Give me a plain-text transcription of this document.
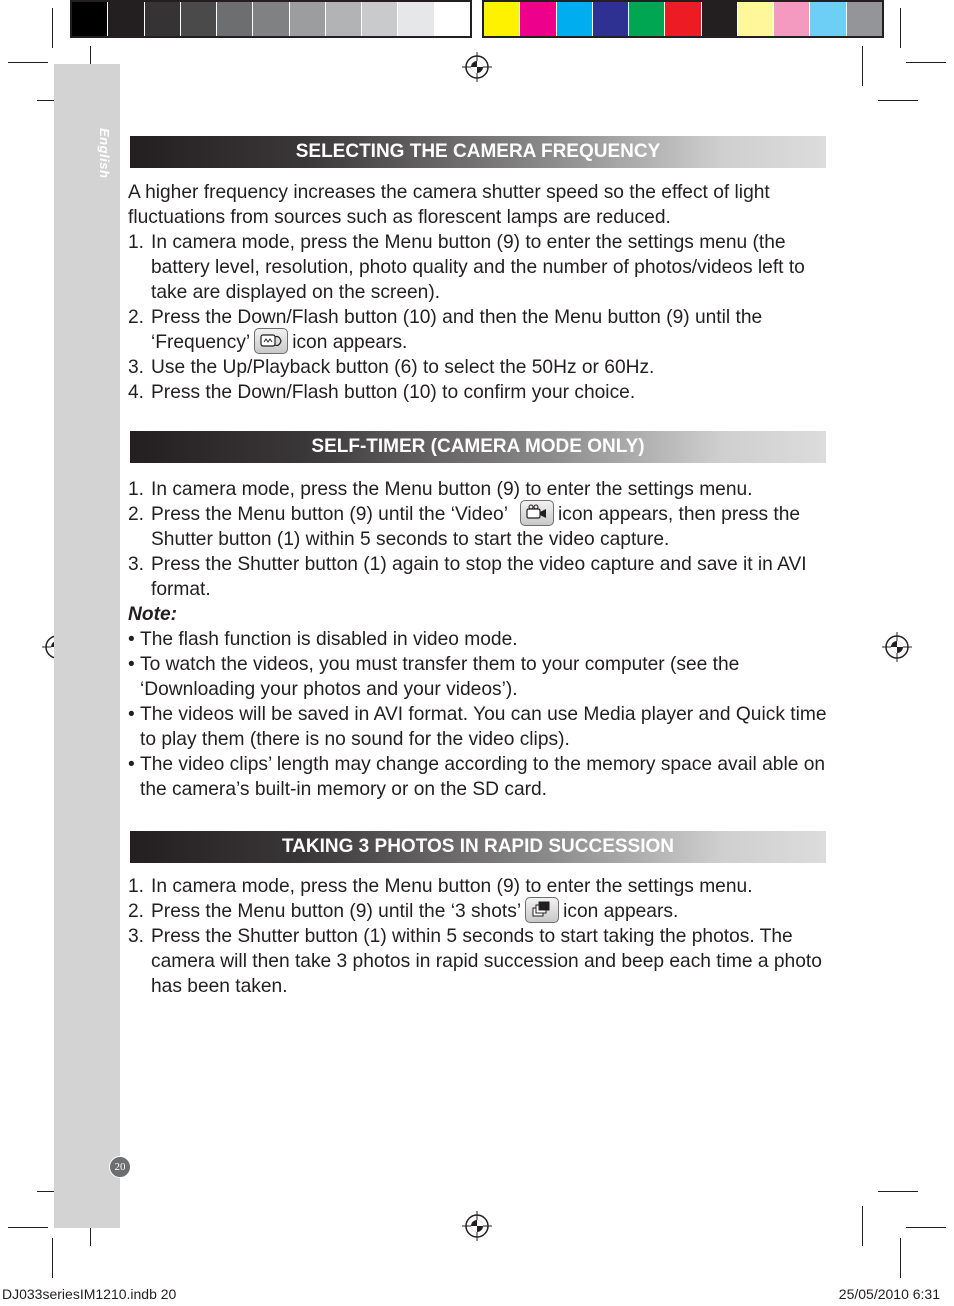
English
20
SELECTING THE CAMERA FREQUENCY

A higher frequency increases the camera shutter speed so the effect of light fluctuations from sources such as florescent lamps are reduced.

1. In camera mode, press the Menu button (9) to enter the settings menu (the battery level, resolution, photo quality and the number of photos/videos left to take are displayed on the screen).

2. Press the Down/Flash button (10) and then the Menu button (9) until the ‘Frequency’ icon appears.

3. Use the Up/Playback button (6) to select the 50Hz or 60Hz.

4. Press the Down/Flash button (10) to confirm your choice.

SELF-TIMER (CAMERA MODE ONLY)

1. In camera mode, press the Menu button (9) to enter the settings menu.

2. Press the Menu button (9) until the ‘Video’	icon appears, then press the Shutter button (1) within 5 seconds to start the video capture.

3. Press the Shutter button (1) again to stop the video capture and save it in AVI format.

Note:

• The flash function is disabled in video mode.

• To watch the videos, you must transfer them to your computer (see the ‘Downloading your photos and your videos’).

• The videos will be saved in AVI format. You can use Media player and Quick time to play them (there is no sound for the video clips).

• The video clips’ length may change according to the memory space avail able on the camera’s built-in memory or on the SD card.

TAKING 3 PHOTOS IN RAPID SUCCESSION

1. In camera mode, press the Menu button (9) to enter the settings menu.

2. Press the Menu button (9) until the ‘3 shots’ icon appears.

3. Press the Shutter button (1) within 5 seconds to start taking the photos. The camera will then take 3 photos in rapid succession and beep each time a photo has been taken.

DJ033seriesIM1210.indb 20	25/05/2010 6:31
